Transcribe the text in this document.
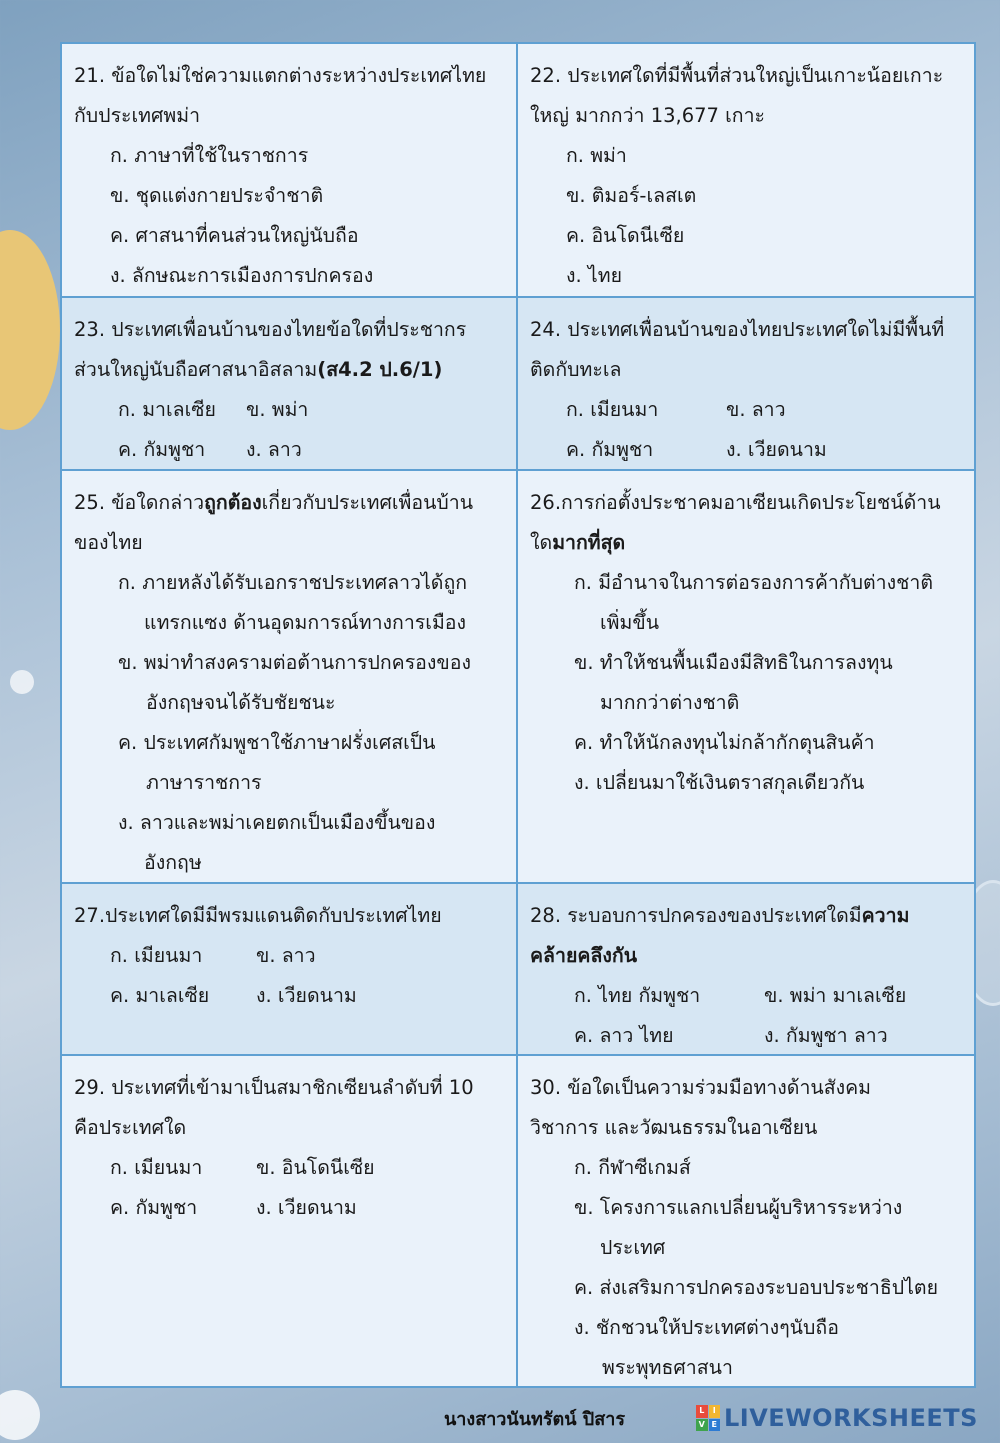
21. ข้อใดไม่ใช่ความแตกต่างระหว่างประเทศไทย

กับประเทศพม่า

ก. ภาษาที่ใช้ในราชการ

ข. ชุดแต่งกายประจำชาติ

ค. ศาสนาที่คนส่วนใหญ่นับถือ

ง. ลักษณะการเมืองการปกครอง

22. ประเทศใดที่มีพื้นที่ส่วนใหญ่เป็นเกาะน้อยเกาะ

ใหญ่ มากกว่า 13,677 เกาะ

ก. พม่า

ข. ติมอร์-เลสเต

ค. อินโดนีเซีย

ง. ไทย

23. ประเทศเพื่อนบ้านของไทยข้อใดที่ประชากร

ส่วนใหญ่นับถือศาสนาอิสลาม(ส4.2 ป.6/1)

ก. มาเลเซีย ข. พม่า

ค. กัมพูชา ง. ลาว

24. ประเทศเพื่อนบ้านของไทยประเทศใดไม่มีพื้นที่

ติดกับทะเล

ก. เมียนมา	ข. ลาว

ค. กัมพูชา	ง. เวียดนาม

25. ข้อใดกล่าวถูกต้องเกี่ยวกับประเทศเพื่อนบ้าน

ของไทย

ก. ภายหลังได้รับเอกราชประเทศลาวได้ถูก

แทรกแซง ด้านอุดมการณ์ทางการเมือง

ข. พม่าทำสงครามต่อต้านการปกครองของ

อังกฤษจนได้รับชัยชนะ

ค. ประเทศกัมพูชาใช้ภาษาฝรั่งเศสเป็น

ภาษาราชการ

ง. ลาวและพม่าเคยตกเป็นเมืองขึ้นของ

อังกฤษ

26.การก่อตั้งประชาคมอาเซียนเกิดประโยชน์ด้าน

ใดมากที่สุด

ก. มีอำนาจในการต่อรองการค้ากับต่างชาติ

เพิ่มขึ้น

ข. ทำให้ชนพื้นเมืองมีสิทธิในการลงทุน

มากกว่าต่างชาติ

ค. ทำให้นักลงทุนไม่กล้ากักตุนสินค้า

ง. เปลี่ยนมาใช้เงินตราสกุลเดียวกัน

27.ประเทศใดมีมีพรมแดนติดกับประเทศไทย

ก. เมียนมา	ข. ลาว

ค. มาเลเซีย ง. เวียดนาม

28. ระบอบการปกครองของประเทศใดมีความ

คล้ายคลึงกัน

ก. ไทย กัมพูชา	ข. พม่า มาเลเซีย

ค. ลาว ไทย	ง. กัมพูชา ลาว

29. ประเทศที่เข้ามาเป็นสมาชิกเซียนลำดับที่ 10

คือประเทศใด

ก. เมียนมา	ข. อินโดนีเซีย

ค. กัมพูชา	ง. เวียดนาม

30. ข้อใดเป็นความร่วมมือทางด้านสังคม

วิชาการ และวัฒนธรรมในอาเซียน

ก. กีฬาซีเกมส์

ข. โครงการแลกเปลี่ยนผู้บริหารระหว่าง

ประเทศ

ค. ส่งเสริมการปกครองระบอบประชาธิปไตย

ง. ชักชวนให้ประเทศต่างๆนับถือ

พระพุทธศาสนา

นางสาวนันทรัตน์ ปิสาร	L	I
V E LIVEWORKSHEETS
